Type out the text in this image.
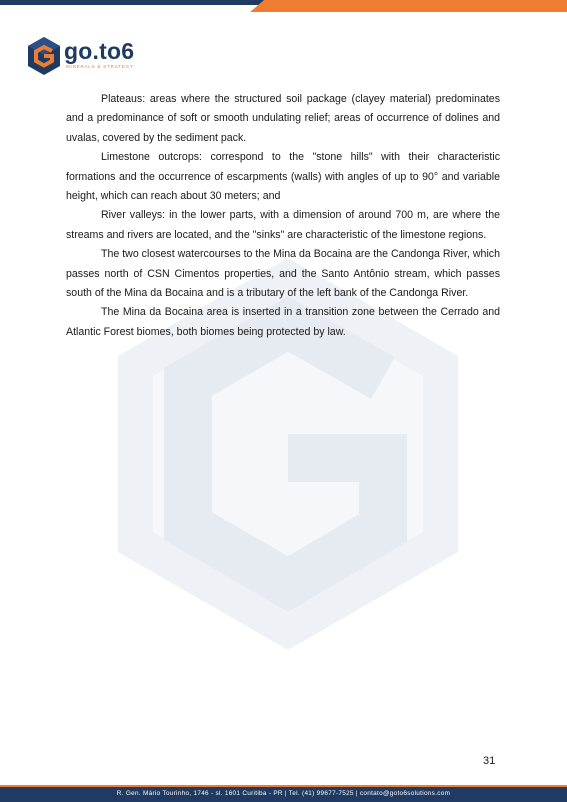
go.to6
MINERALS & STRATEGY

Plateaus: areas where the structured soil package (clayey material) predominates and a predominance of soft or smooth undulating relief; areas of occurrence of dolines and uvalas, covered by the sediment pack.

Limestone outcrops: correspond to the "stone hills" with their characteristic formations and the occurrence of escarpments (walls) with angles of up to 90° and variable height, which can reach about 30 meters; and

River valleys: in the lower parts, with a dimension of around 700 m, are where the streams and rivers are located, and the "sinks" are characteristic of the limestone regions.

The two closest watercourses to the Mina da Bocaina are the Candonga River, which passes north of CSN Cimentos properties, and the Santo Antônio stream, which passes south of the Mina da Bocaina and is a tributary of the left bank of the Candonga River.

The Mina da Bocaina area is inserted in a transition zone between the Cerrado and Atlantic Forest biomes, both biomes being protected by law.

31
R. Gen. Mário Tourinho, 1746 - sl. 1601 Curitiba - PR | Tel. (41) 99677-7525 | contato@goto6solutions.com
